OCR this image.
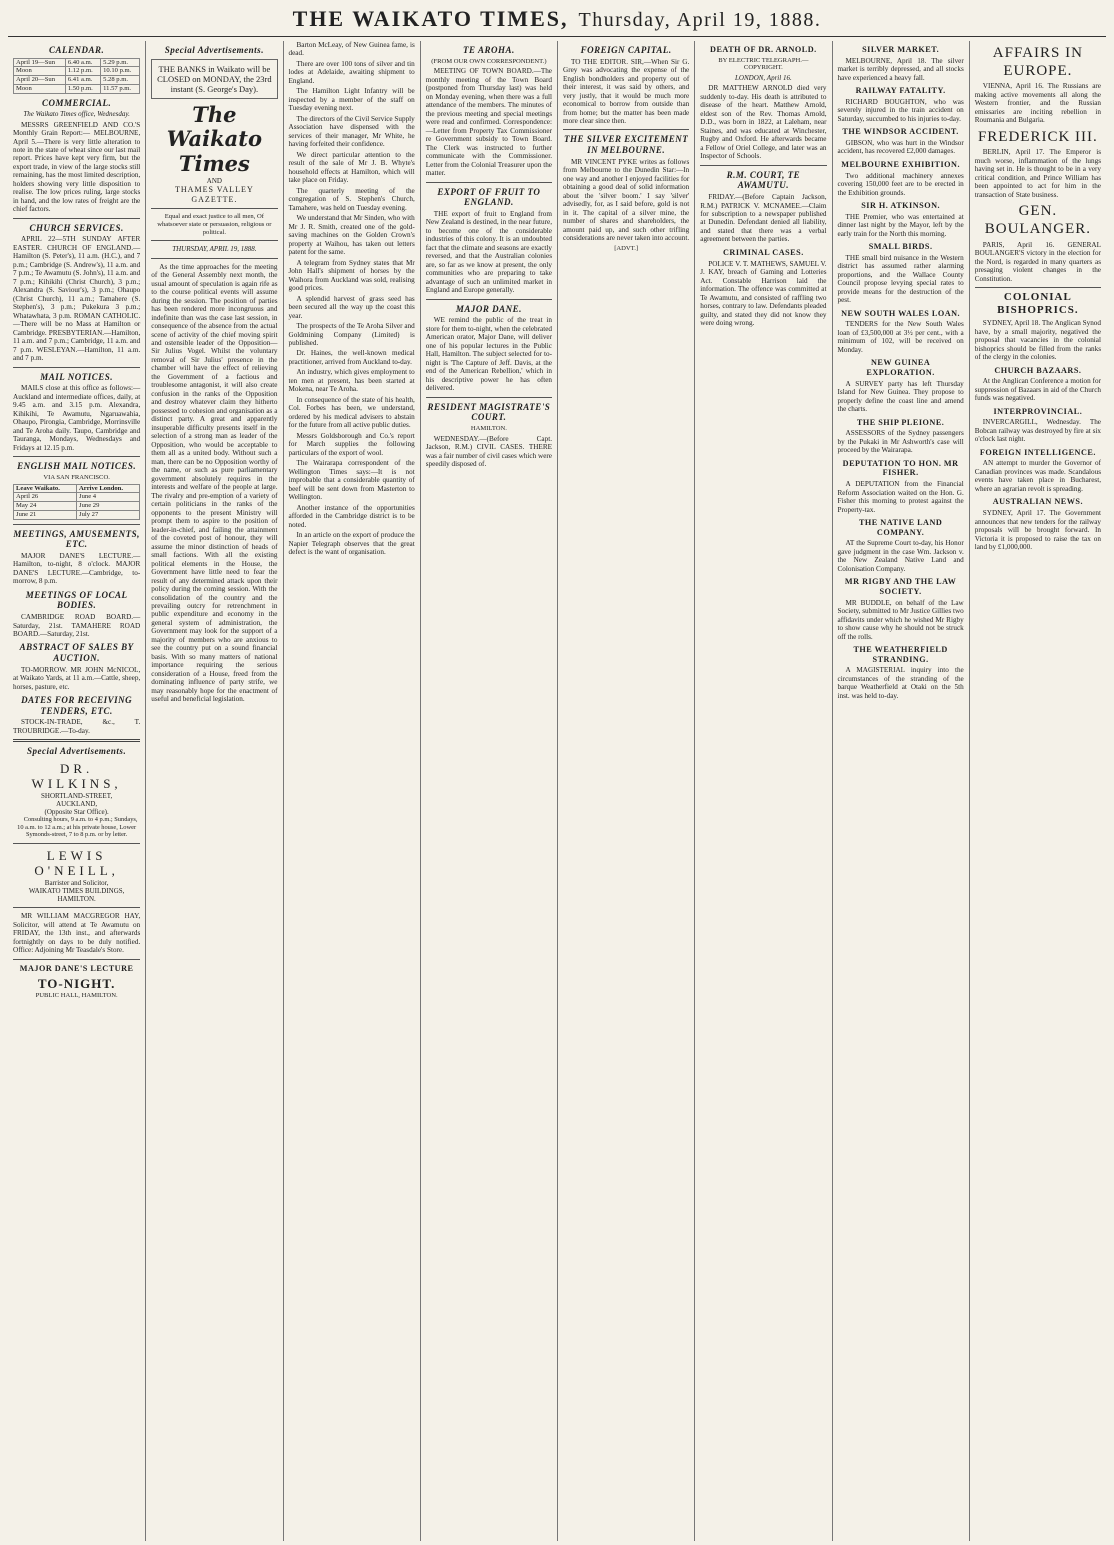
THE WAIKATO TIMES, Thursday, April 19, 1888.
CALENDAR.
April 19—Sun	6.40 a.m.	5.29 p.m.
Moon	1.12 p.m.	10.10 p.m.
April 20—Sun	6.41 a.m.	5.28 p.m.
Moon	1.50 p.m.	11.57 p.m.
COMMERCIAL.
The Waikato Times office, Wednesday.

MESSRS GREENFIELD AND CO.'S Monthly Grain Report:— MELBOURNE, April 5.—There is very little alteration to note in the state of wheat since our last mail report. Prices have kept very firm, but the export trade, in view of the large stocks still remaining, has the most limited description, holders showing very little disposition to realise. The low prices ruling, large stocks in hand, and the low rates of freight are the chief factors.

CHURCH SERVICES.

APRIL 22—5TH SUNDAY AFTER EASTER. CHURCH OF ENGLAND.—Hamilton (S. Peter's), 11 a.m. (H.C.), and 7 p.m.; Cambridge (S. Andrew's), 11 a.m. and 7 p.m.; Te Awamutu (S. John's), 11 a.m. and 7 p.m.; Kihikihi (Christ Church), 3 p.m.; Alexandra (S. Saviour's), 3 p.m.; Ohaupo (Christ Church), 11 a.m.; Tamahere (S. Stephen's), 3 p.m.; Pukekura 3 p.m.; Whatawhata, 3 p.m. ROMAN CATHOLIC.—There will be no Mass at Hamilton or Cambridge. PRESBYTERIAN.—Hamilton, 11 a.m. and 7 p.m.; Cambridge, 11 a.m. and 7 p.m. WESLEYAN.—Hamilton, 11 a.m. and 7 p.m.

MAIL NOTICES.

MAILS close at this office as follows:—Auckland and intermediate offices, daily, at 9.45 a.m. and 3.15 p.m. Alexandra, Kihikihi, Te Awamutu, Ngaruawahia, Ohaupo, Pirongia, Cambridge, Morrinsville and Te Aroha daily. Taupo, Cambridge and Tauranga, Mondays, Wednesdays and Fridays at 12.15 p.m.

ENGLISH MAIL NOTICES.
VIA SAN FRANCISCO.
Leave Waikato.	Arrive London.
April 26	June 4
May 24	June 29
June 21	July 27
MEETINGS, AMUSEMENTS, ETC.

MAJOR DANE'S LECTURE.—Hamilton, to-night, 8 o'clock. MAJOR DANE'S LECTURE.—Cambridge, to-morrow, 8 p.m.

MEETINGS OF LOCAL BODIES.

CAMBRIDGE ROAD BOARD.—Saturday, 21st. TAMAHERE ROAD BOARD.—Saturday, 21st.

ABSTRACT OF SALES BY AUCTION.

TO-MORROW. MR JOHN McNICOL, at Waikato Yards, at 11 a.m.—Cattle, sheep, horses, pasture, etc.

DATES FOR RECEIVING TENDERS, ETC.

STOCK-IN-TRADE, &c., T. TROUBRIDGE.—To-day.

Special Advertisements.
DR. WILKINS,
SHORTLAND-STREET,
AUCKLAND,
(Opposite Star Office).

Consulting hours, 9 a.m. to 4 p.m.; Sundays, 10 a.m. to 12 a.m.; at his private house, Lower Symonds-street, 7 to 8 p.m. or by letter.

LEWIS O'NEILL,
Barrister and Solicitor,
WAIKATO TIMES BUILDINGS,
HAMILTON.

MR WILLIAM MACGREGOR HAY, Solicitor, will attend at Te Awamutu on FRIDAY, the 13th inst., and afterwards fortnightly on days to be duly notified. Office: Adjoining Mr Teasdale's Store.

MAJOR DANE'S LECTURE
TO-NIGHT.
PUBLIC HALL, HAMILTON.
Special Advertisements.
THE BANKS in Waikato will be CLOSED on MONDAY, the 23rd instant (S. George's Day).
The Waikato Times
AND
THAMES VALLEY GAZETTE.
Equal and exact justice to all men, Of whatsoever state or persuasion, religious or political.
THURSDAY, APRIL 19, 1888.

As the time approaches for the meeting of the General Assembly next month, the usual amount of speculation is again rife as to the course political events will assume during the session. The position of parties has been rendered more incongruous and indefinite than was the case last session, in consequence of the absence from the actual scene of activity of the chief moving spirit and ostensible leader of the Opposition—Sir Julius Vogel. Whilst the voluntary removal of Sir Julius' presence in the chamber will have the effect of relieving the Government of a factious and troublesome antagonist, it will also create confusion in the ranks of the Opposition and destroy whatever claim they hitherto possessed to cohesion and organisation as a distinct party. A great and apparently insuperable difficulty presents itself in the selection of a strong man as leader of the Opposition, who would be acceptable to them all as a united body. Without such a man, there can be no Opposition worthy of the name, or such as pure parliamentary government absolutely requires in the interests and welfare of the people at large. The rivalry and pre-emption of a variety of certain politicians in the ranks of the opponents to the present Ministry will prompt them to aspire to the position of leader-in-chief, and failing the attainment of the coveted post of honour, they will assume the minor distinction of heads of small factions. With all the existing political elements in the House, the Government have little need to fear the result of any determined attack upon their policy during the coming session. With the consolidation of the country and the prevailing outcry for retrenchment in public expenditure and economy in the general system of administration, the Government may look for the support of a majority of members who are anxious to see the country put on a sound financial basis. With so many matters of national importance requiring the serious consideration of a House, freed from the dominating influence of party strife, we may reasonably hope for the enactment of useful and beneficial legislation.

Barton McLeay, of New Guinea fame, is dead.

There are over 100 tons of silver and tin lodes at Adelaide, awaiting shipment to England.

The Hamilton Light Infantry will be inspected by a member of the staff on Tuesday evening next.

The directors of the Civil Service Supply Association have dispensed with the services of their manager, Mr White, he having forfeited their confidence.

We direct particular attention to the result of the sale of Mr J. B. Whyte's household effects at Hamilton, which will take place on Friday.

The quarterly meeting of the congregation of S. Stephen's Church, Tamahere, was held on Tuesday evening.

We understand that Mr Sinden, who with Mr J. R. Smith, created one of the gold-saving machines on the Golden Crown's property at Waihou, has taken out letters patent for the same.

A telegram from Sydney states that Mr John Hall's shipment of horses by the Waihora from Auckland was sold, realising good prices.

A splendid harvest of grass seed has been secured all the way up the coast this year.

The prospects of the Te Aroha Silver and Goldmining Company (Limited) is published.

Dr. Haines, the well-known medical practitioner, arrived from Auckland to-day.

An industry, which gives employment to ten men at present, has been started at Mokena, near Te Aroha.

In consequence of the state of his health, Col. Forbes has been, we understand, ordered by his medical advisers to abstain for the future from all active public duties.

Messrs Goldsborough and Co.'s report for March supplies the following particulars of the export of wool.

The Wairarapa correspondent of the Wellington Times says:—It is not improbable that a considerable quantity of beef will be sent down from Masterton to Wellington.

Another instance of the opportunities afforded in the Cambridge district is to be noted.

In an article on the export of produce the Napier Telegraph observes that the great defect is the want of organisation.

TE AROHA.
(FROM OUR OWN CORRESPONDENT.)

MEETING OF TOWN BOARD.—The monthly meeting of the Town Board (postponed from Thursday last) was held on Monday evening, when there was a full attendance of the members. The minutes of the previous meeting and special meetings were read and confirmed. Correspondence:—Letter from Property Tax Commissioner re Government subsidy to Town Board. The Clerk was instructed to further communicate with the Commissioner. Letter from the Colonial Treasurer upon the matter.

EXPORT OF FRUIT TO ENGLAND.

THE export of fruit to England from New Zealand is destined, in the near future, to become one of the considerable industries of this colony. It is an undoubted fact that the climate and seasons are exactly reversed, and that the Australian colonies are, so far as we know at present, the only communities who are preparing to take advantage of such an unlimited market in England and Europe generally.

MAJOR DANE.

WE remind the public of the treat in store for them to-night, when the celebrated American orator, Major Dane, will deliver one of his popular lectures in the Public Hall, Hamilton. The subject selected for to-night is 'The Capture of Jeff. Davis, at the end of the American Rebellion,' which in his descriptive power he has often delivered.

RESIDENT MAGISTRATE'S COURT.
HAMILTON.

WEDNESDAY.—(Before Capt. Jackson, R.M.) CIVIL CASES. THERE was a fair number of civil cases which were speedily disposed of.

FOREIGN CAPITAL.

TO THE EDITOR. SIR,—When Sir G. Grey was advocating the expense of the English bondholders and property out of their interest, it was said by others, and very justly, that it would be much more economical to borrow from outside than from home; but the matter has been made more clear since then.

THE SILVER EXCITEMENT IN MELBOURNE.

MR VINCENT PYKE writes as follows from Melbourne to the Dunedin Star:—In one way and another I enjoyed facilities for obtaining a good deal of solid information about the 'silver boom.' I say 'silver' advisedly, for, as I said before, gold is not in it. The capital of a silver mine, the number of shares and shareholders, the amount paid up, and such other trifling considerations are never taken into account.

[ADVT.]
DEATH OF DR. ARNOLD.
BY ELECTRIC TELEGRAPH.—COPYRIGHT.
LONDON, April 16.

DR MATTHEW ARNOLD died very suddenly to-day. His death is attributed to disease of the heart. Matthew Arnold, eldest son of the Rev. Thomas Arnold, D.D., was born in 1822, at Laleham, near Staines, and was educated at Winchester, Rugby and Oxford. He afterwards became a Fellow of Oriel College, and later was an Inspector of Schools.

R.M. COURT, TE AWAMUTU.

FRIDAY.—(Before Captain Jackson, R.M.) PATRICK V. MCNAMEE.—Claim for subscription to a newspaper published at Dunedin. Defendant denied all liability, and stated that there was a verbal agreement between the parties.

CRIMINAL CASES.

POLICE V. T. MATHEWS, SAMUEL V. J. KAY, breach of Gaming and Lotteries Act. Constable Harrison laid the information. The offence was committed at Te Awamutu, and consisted of raffling two horses, contrary to law. Defendants pleaded guilty, and stated they did not know they were doing wrong.

SILVER MARKET.

MELBOURNE, April 18. The silver market is terribly depressed, and all stocks have experienced a heavy fall.

RAILWAY FATALITY.

RICHARD BOUGHTON, who was severely injured in the train accident on Saturday, succumbed to his injuries to-day.

THE WINDSOR ACCIDENT.

GIBSON, who was hurt in the Windsor accident, has recovered £2,000 damages.

MELBOURNE EXHIBITION.

Two additional machinery annexes covering 150,000 feet are to be erected in the Exhibition grounds.

SIR H. ATKINSON.

THE Premier, who was entertained at dinner last night by the Mayor, left by the early train for the North this morning.

SMALL BIRDS.

THE small bird nuisance in the Western district has assumed rather alarming proportions, and the Wallace County Council propose levying special rates to provide means for the destruction of the pest.

NEW SOUTH WALES LOAN.

TENDERS for the New South Wales loan of £3,500,000 at 3½ per cent., with a minimum of 102, will be received on Monday.

NEW GUINEA EXPLORATION.

A SURVEY party has left Thursday Island for New Guinea. They propose to properly define the coast line and amend the charts.

THE SHIP PLEIONE.

ASSESSORS of the Sydney passengers by the Pukaki in Mr Ashworth's case will proceed by the Wairarapa.

DEPUTATION TO HON. MR FISHER.

A DEPUTATION from the Financial Reform Association waited on the Hon. G. Fisher this morning to protest against the Property-tax.

THE NATIVE LAND COMPANY.

AT the Supreme Court to-day, his Honor gave judgment in the case Wm. Jackson v. the New Zealand Native Land and Colonisation Company.

MR RIGBY AND THE LAW SOCIETY.

MR BUDDLE, on behalf of the Law Society, submitted to Mr Justice Gillies two affidavits under which he wished Mr Rigby to show cause why he should not be struck off the rolls.

THE WEATHERFIELD STRANDING.

A MAGISTERIAL inquiry into the circumstances of the stranding of the barque Weatherfield at Otaki on the 5th inst. was held to-day.

AFFAIRS IN EUROPE.

VIENNA, April 16. The Russians are making active movements all along the Western frontier, and the Russian emissaries are inciting rebellion in Roumania and Bulgaria.

FREDERICK III.

BERLIN, April 17. The Emperor is much worse, inflammation of the lungs having set in. He is thought to be in a very critical condition, and Prince William has been appointed to act for him in the transaction of State business.

GEN. BOULANGER.

PARIS, April 16. GENERAL BOULANGER'S victory in the election for the Nord, is regarded in many quarters as presaging violent changes in the Constitution.

COLONIAL BISHOPRICS.

SYDNEY, April 18. The Anglican Synod have, by a small majority, negatived the proposal that vacancies in the colonial bishoprics should be filled from the ranks of the clergy in the colonies.

CHURCH BAZAARS.

At the Anglican Conference a motion for suppression of Bazaars in aid of the Church funds was negatived.

INTERPROVINCIAL.

INVERCARGILL, Wednesday. The Bobcan railway was destroyed by fire at six o'clock last night.

FOREIGN INTELLIGENCE.

AN attempt to murder the Governor of Canadian provinces was made. Scandalous events have taken place in Bucharest, where an agrarian revolt is spreading.

AUSTRALIAN NEWS.

SYDNEY, April 17. The Government announces that new tenders for the railway proposals will be brought forward. In Victoria it is proposed to raise the tax on land by £1,000,000.
